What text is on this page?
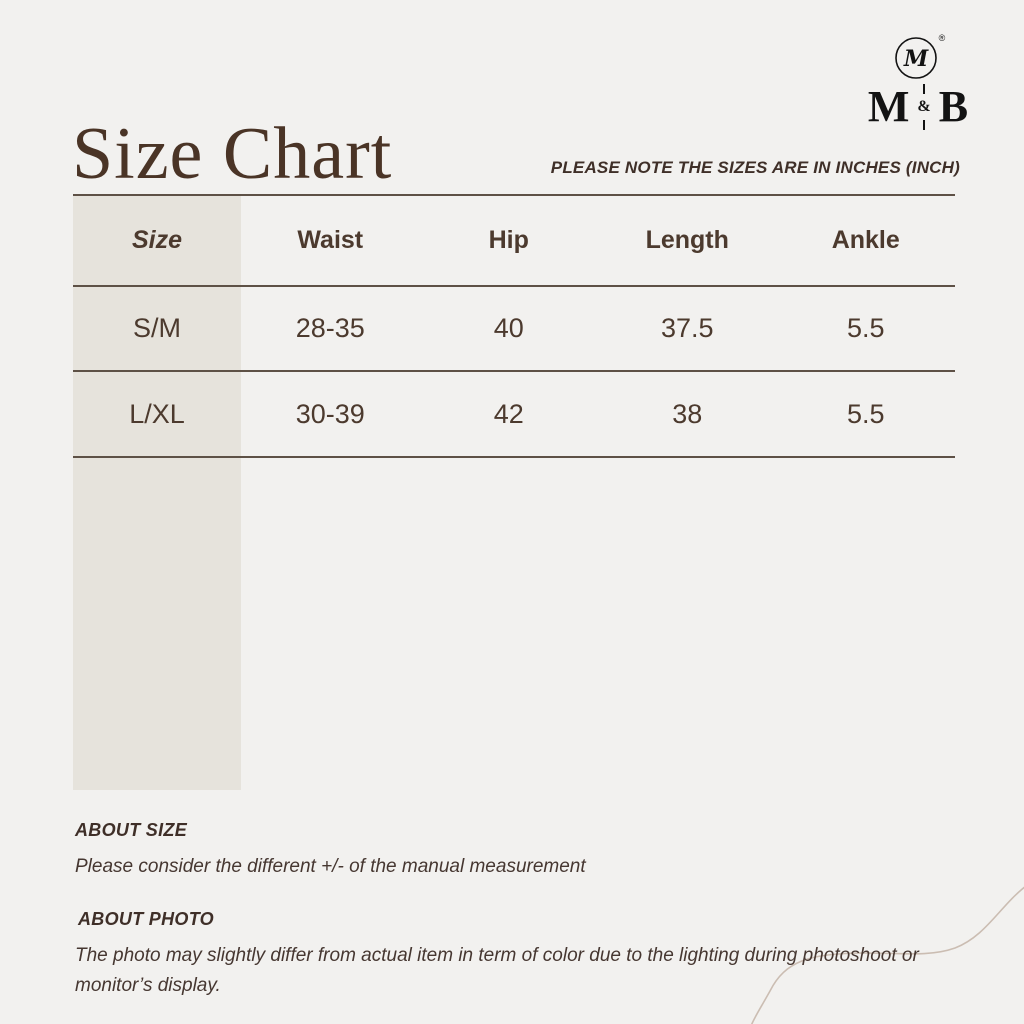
Size Chart
M
®
M & B
PLEASE NOTE THE SIZES ARE IN INCHES (INCH)
Size	Waist	Hip	Length	Ankle
S/M	28-35	40	37.5	5.5
L/XL	30-39	42	38	5.5
ABOUT SIZE
Please consider the different +/- of the manual measurement
ABOUT PHOTO
The photo may slightly differ from actual item in term of color due to the lighting during photoshoot or monitor’s display.
